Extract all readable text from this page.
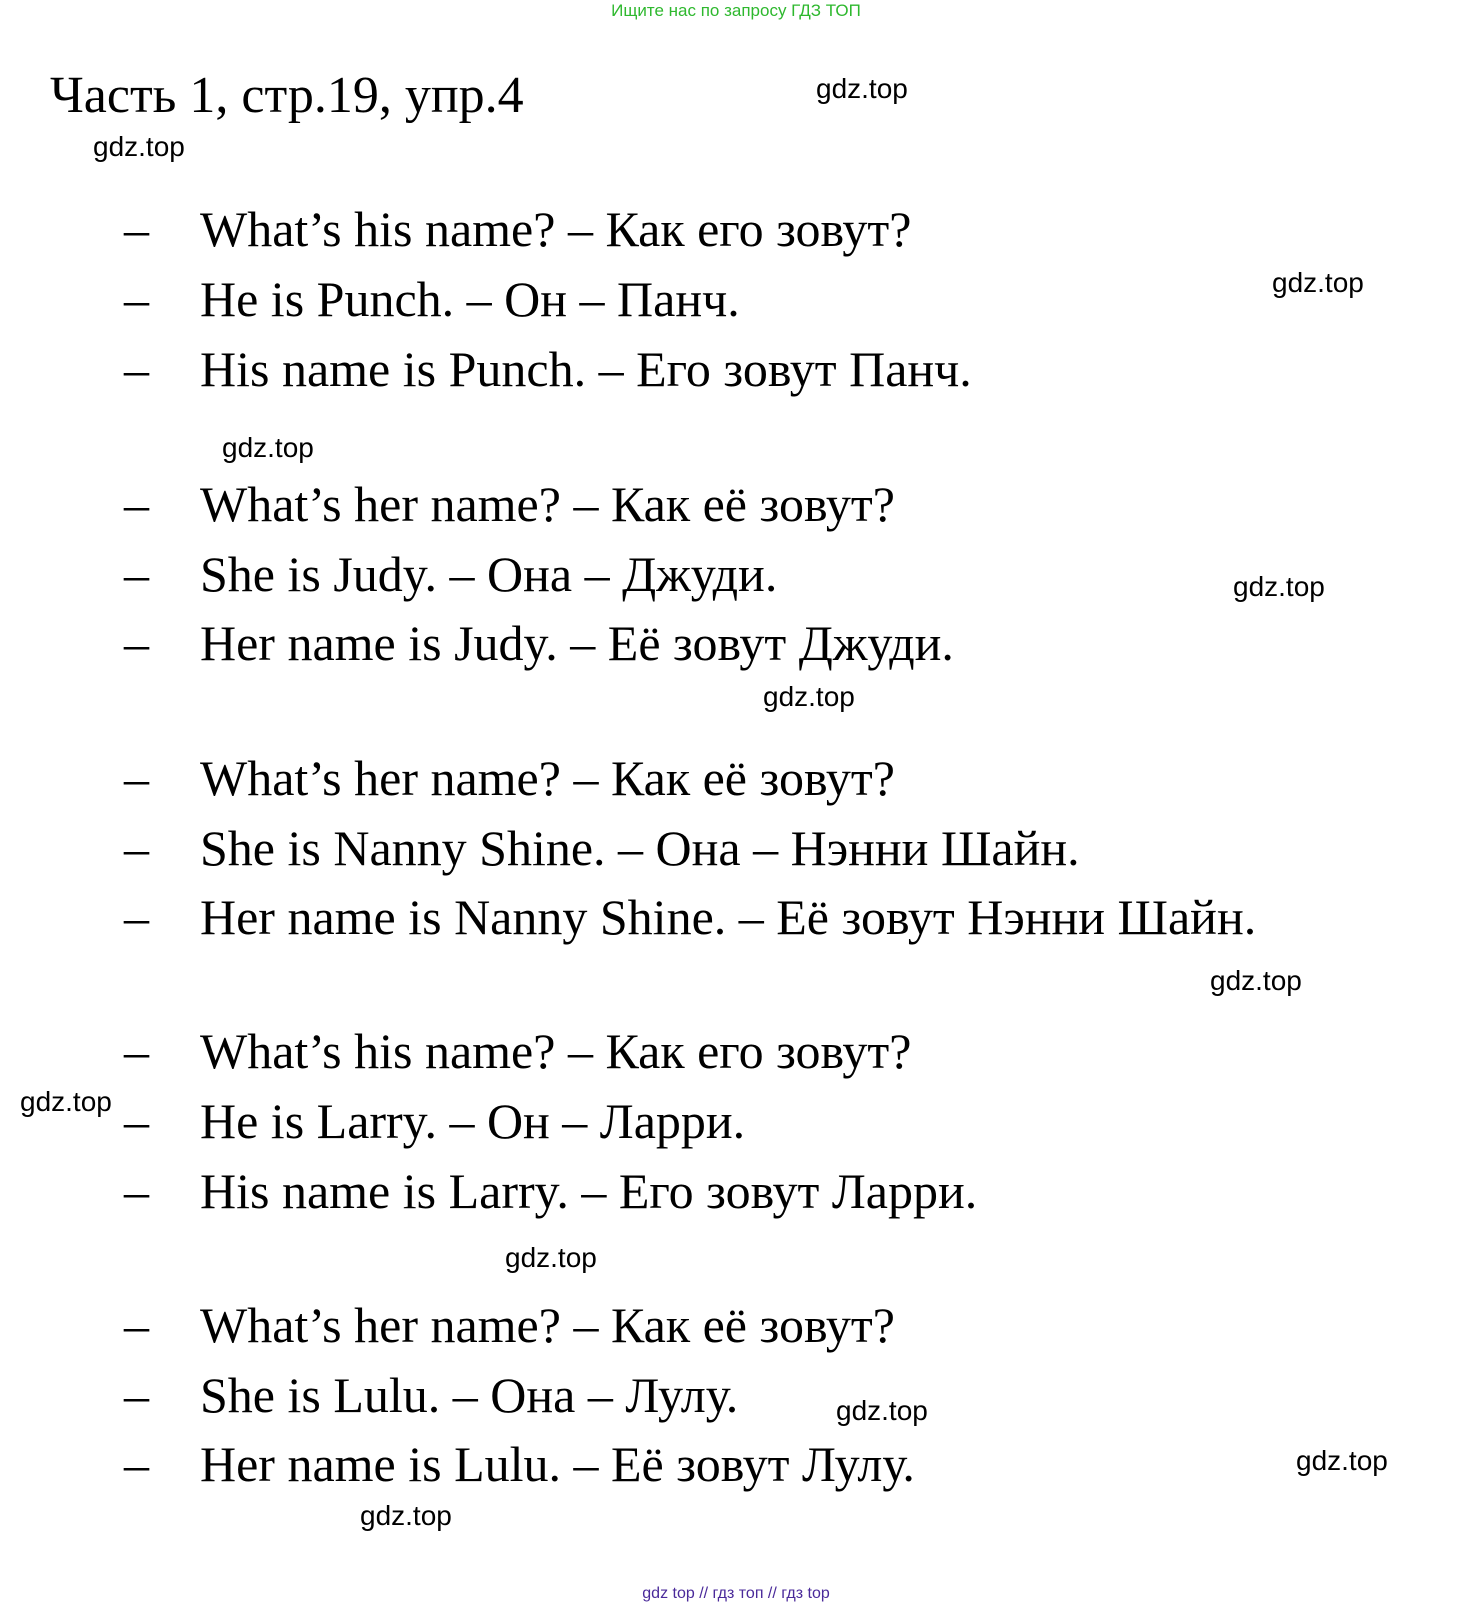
Ищите нас по запросу ГДЗ ТОП
Часть 1, стр.19, упр.4
– What’s his name? – Как его зовут?
– He is Punch. – Он – Панч.
– His name is Punch. – Его зовут Панч.
– What’s her name? – Как её зовут?
– She is Judy. – Она – Джуди.
– Her name is Judy. – Её зовут Джуди.
– What’s her name? – Как её зовут?
– She is Nanny Shine. – Она – Нэнни Шайн.
– Her name is Nanny Shine. – Её зовут Нэнни Шайн.
– What’s his name? – Как его зовут?
– He is Larry. – Он – Ларри.
– His name is Larry. – Его зовут Ларри.
– What’s her name? – Как её зовут?
– She is Lulu. – Она – Лулу.
– Her name is Lulu. – Её зовут Лулу.
gdz.top
gdz.top
gdz.top
gdz.top
gdz.top
gdz.top
gdz.top
gdz.top
gdz.top
gdz.top
gdz.top
gdz.top
gdz top // гдз топ // гдз top
